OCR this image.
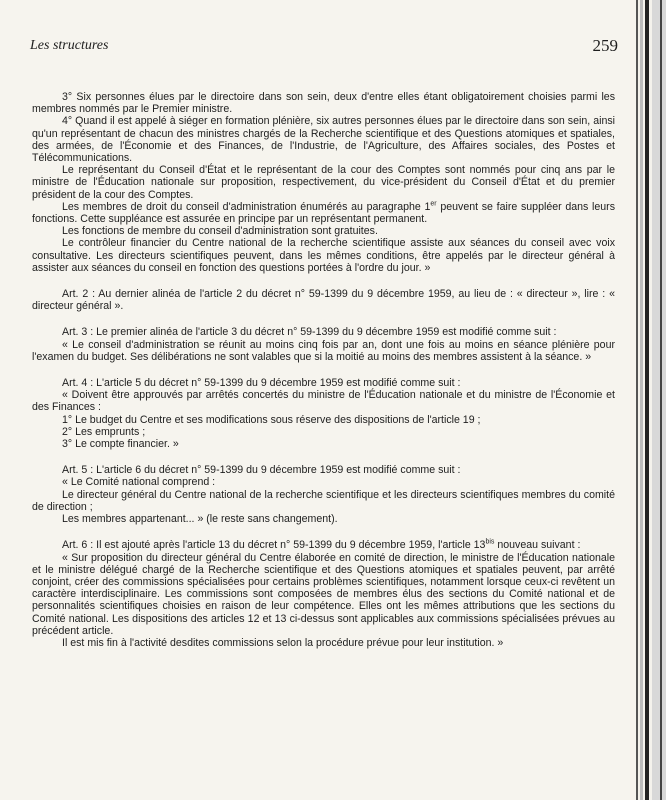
Les structures	259

3° Six personnes élues par le directoire dans son sein, deux d'entre elles étant obligatoirement choisies parmi les membres nommés par le Premier ministre.

4° Quand il est appelé à siéger en formation plénière, six autres personnes élues par le directoire dans son sein, ainsi qu'un représentant de chacun des ministres chargés de la Recherche scientifique et des Questions atomiques et spatiales, des armées, de l'Économie et des Finances, de l'Industrie, de l'Agriculture, des Affaires sociales, des Postes et Télécommunications.

Le représentant du Conseil d'État et le représentant de la cour des Comptes sont nommés pour cinq ans par le ministre de l'Éducation nationale sur proposition, respectivement, du vice-président du Conseil d'État et du premier président de la cour des Comptes.

Les membres de droit du conseil d'administration énumérés au paragraphe 1er peuvent se faire suppléer dans leurs fonctions. Cette suppléance est assurée en principe par un représentant permanent.

Les fonctions de membre du conseil d'administration sont gratuites.

Le contrôleur financier du Centre national de la recherche scientifique assiste aux séances du conseil avec voix consultative. Les directeurs scientifiques peuvent, dans les mêmes conditions, être appelés par le directeur général à assister aux séances du conseil en fonction des questions portées à l'ordre du jour. »

Art. 2 : Au dernier alinéa de l'article 2 du décret n° 59-1399 du 9 décembre 1959, au lieu de : « directeur », lire : « directeur général ».

Art. 3 : Le premier alinéa de l'article 3 du décret n° 59-1399 du 9 décembre 1959 est modifié comme suit :

« Le conseil d'administration se réunit au moins cinq fois par an, dont une fois au moins en séance plénière pour l'examen du budget. Ses délibérations ne sont valables que si la moitié au moins des membres assistent à la séance. »

Art. 4 : L'article 5 du décret n° 59-1399 du 9 décembre 1959 est modifié comme suit :

« Doivent être approuvés par arrêtés concertés du ministre de l'Éducation nationale et du ministre de l'Économie et des Finances :

1° Le budget du Centre et ses modifications sous réserve des dispositions de l'article 19 ;

2° Les emprunts ;

3° Le compte financier. »

Art. 5 : L'article 6 du décret n° 59-1399 du 9 décembre 1959 est modifié comme suit :

« Le Comité national comprend :

Le directeur général du Centre national de la recherche scientifique et les directeurs scientifiques membres du comité de direction ;

Les membres appartenant... » (le reste sans changement).

Art. 6 : Il est ajouté après l'article 13 du décret n° 59-1399 du 9 décembre 1959, l'article $13^{bis}$ nouveau suivant :

« Sur proposition du directeur général du Centre élaborée en comité de direction, le ministre de l'Éducation nationale et le ministre délégué chargé de la Recherche scientifique et des Questions atomiques et spatiales peuvent, par arrêté conjoint, créer des commissions spécialisées pour certains problèmes scientifiques, notamment lorsque ceux-ci revêtent un caractère interdisciplinaire. Les commissions sont composées de membres élus des sections du Comité national et de personnalités scientifiques choisies en raison de leur compétence. Elles ont les mêmes attributions que les sections du Comité national. Les dispositions des articles 12 et 13 ci-dessus sont applicables aux commissions spécialisées prévues au précédent article.

Il est mis fin à l'activité desdites commissions selon la procédure prévue pour leur institution. »
